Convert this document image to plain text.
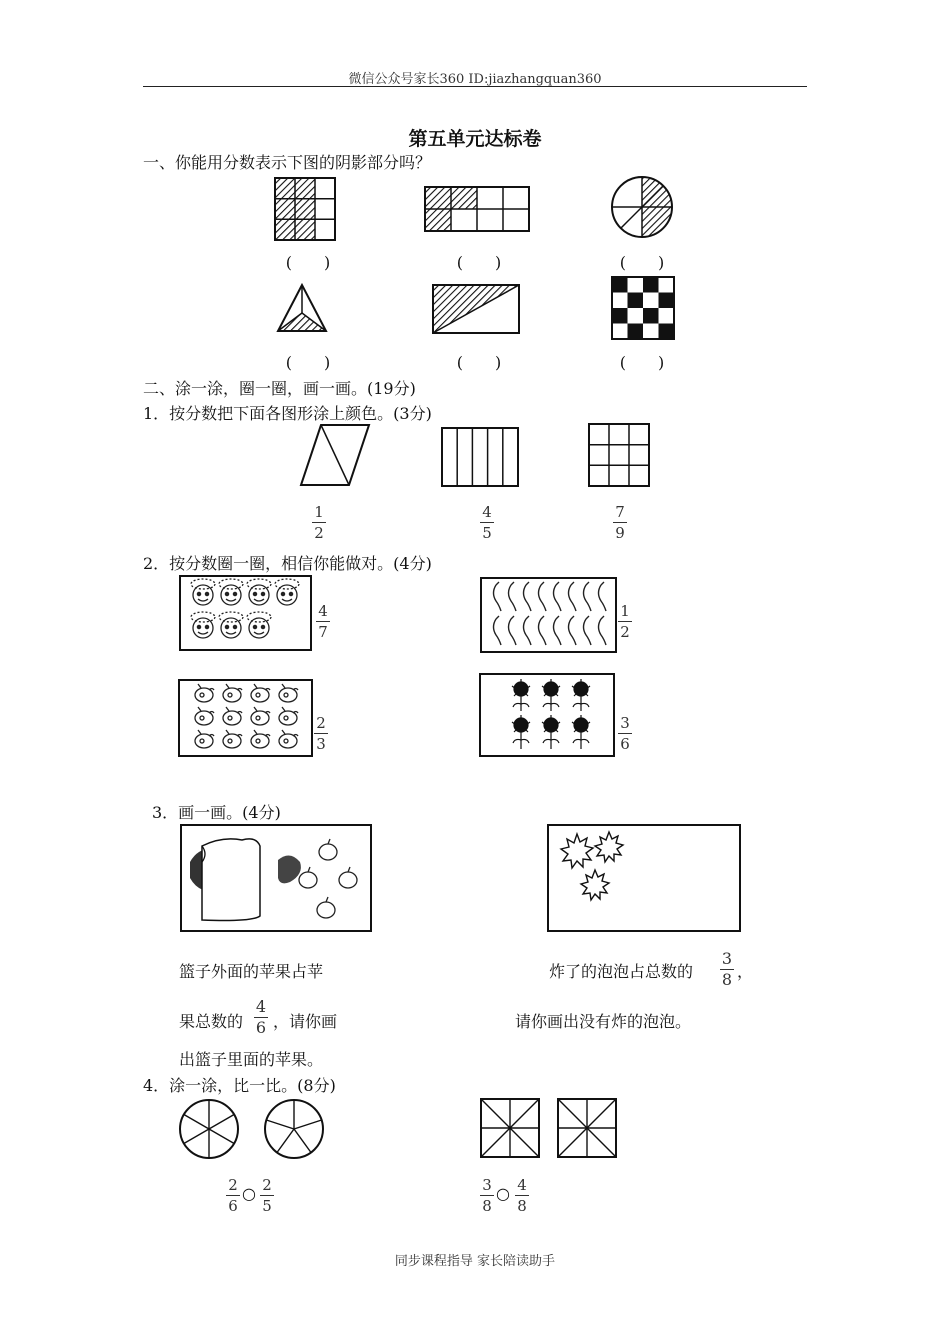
微信公众号家长360 ID:jiazhangquan360
第五单元达标卷
一、你能用分数表示下图的阴影部分吗？
(　　)	(　　)	(　　)
(　　)	(　　)	(　　)
二、涂一涂，圈一圈，画一画。(19分)
1．按分数把下面各图形涂上颜色。(3分)
1
2
4
5
7
9
2．按分数圈一圈，相信你能做对。(4分)
4
7
1
2
2
3
3
6
3．画一画。(4分)
篮子外面的苹果占苹
果总数的
4
6 ，请你画
出篮子里面的苹果。
炸了的泡泡占总数的
3
8 ，
请你画出没有炸的泡泡。
4．涂一涂，比一比。(8分)
2
6
○ 2
5
3
8
○ 4
8
同步课程指导 家长陪读助手
